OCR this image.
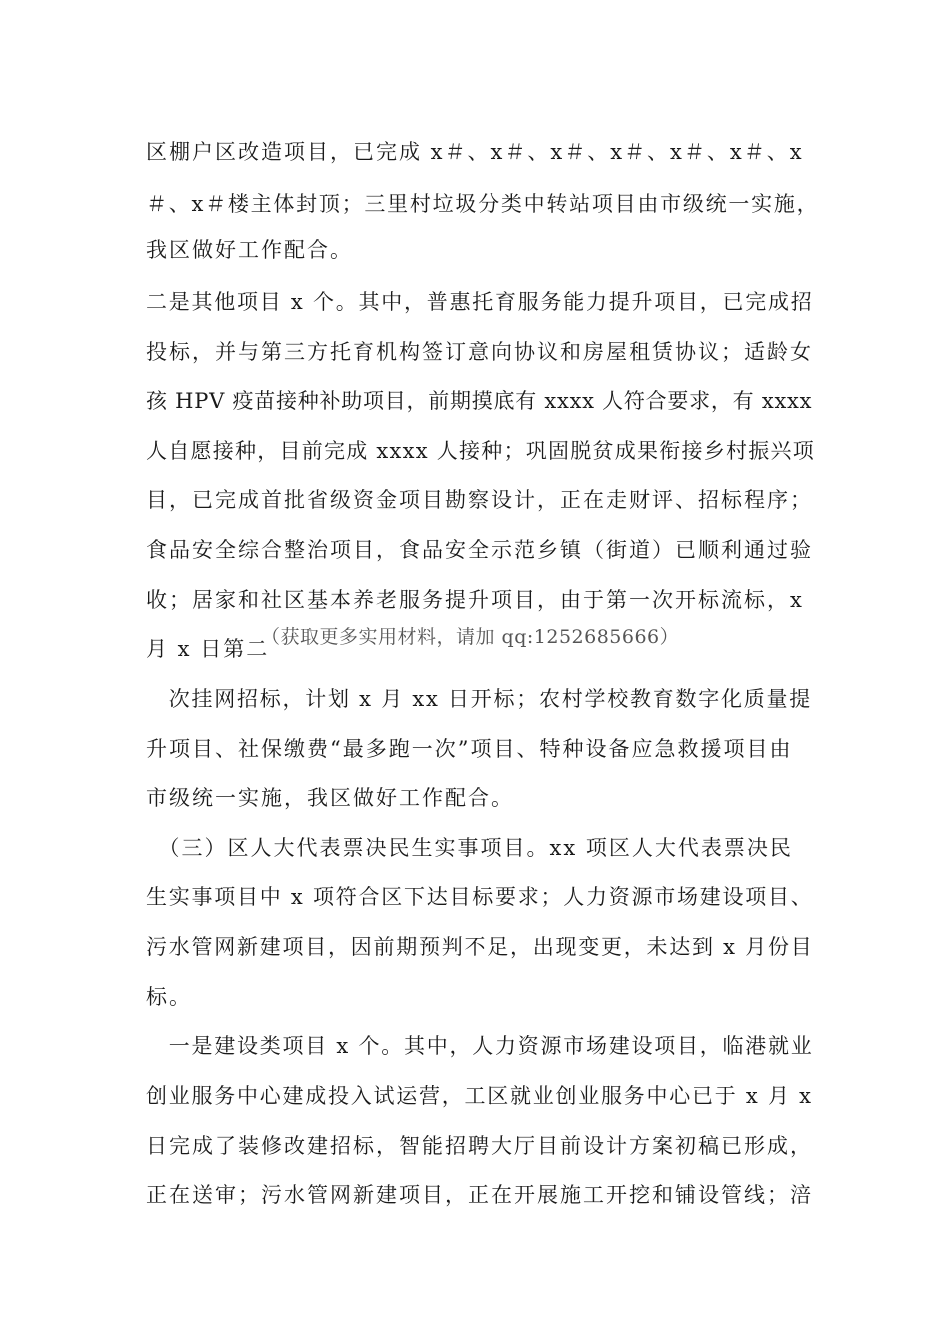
区棚户区改造项目，已完成 x＃、x＃、x＃、x＃、x＃、x＃、x
＃、x＃楼主体封顶；三里村垃圾分类中转站项目由市级统一实施，
我区做好工作配合。
二是其他项目 x 个。其中，普惠托育服务能力提升项目，已完成招
投标，并与第三方托育机构签订意向协议和房屋租赁协议；适龄女
孩 HPV 疫苗接种补助项目，前期摸底有 xxxx 人符合要求，有 xxxx
人自愿接种，目前完成 xxxx 人接种；巩固脱贫成果衔接乡村振兴项
目，已完成首批省级资金项目勘察设计，正在走财评、招标程序；
食品安全综合整治项目，食品安全示范乡镇（街道）已顺利通过验
收；居家和社区基本养老服务提升项目，由于第一次开标流标，x
月 x 日第二
（获取更多实用材料，请加 qq:1252685666）
　次挂网招标，计划 x 月 xx 日开标；农村学校教育数字化质量提
升项目、社保缴费“最多跑一次”项目、特种设备应急救援项目由
市级统一实施，我区做好工作配合。
　（三）区人大代表票决民生实事项目。xx 项区人大代表票决民
生实事项目中 x 项符合区下达目标要求；人力资源市场建设项目、
污水管网新建项目，因前期预判不足，出现变更，未达到 x 月份目
标。
　一是建设类项目 x 个。其中，人力资源市场建设项目，临港就业
创业服务中心建成投入试运营，工区就业创业服务中心已于 x 月 x
日完成了装修改建招标，智能招聘大厅目前设计方案初稿已形成，
正在送审；污水管网新建项目，正在开展施工开挖和铺设管线；涪
